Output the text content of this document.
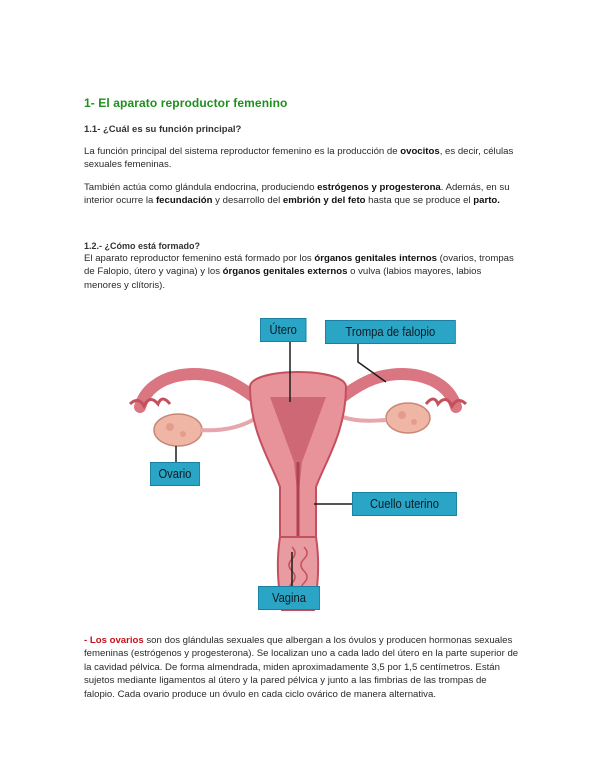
1- El aparato reproductor femenino
1.1- ¿Cuál es su función principal?
La función principal del sistema reproductor femenino es la producción de ovocitos, es decir, células sexuales femeninas.
También actúa como glándula endocrina, produciendo estrógenos y progesterona. Además, en su interior ocurre la fecundación y desarrollo del embrión y del feto hasta que se produce el parto.
1.2.- ¿Cómo está formado?
El aparato reproductor femenino está formado por los órganos genitales internos (ovarios, trompas de Falopio, útero y vagina) y los órganos genitales externos o vulva (labios mayores, labios menores y clítoris).
Útero	Trompa de falopio
Ovario
Cuello uterino
Vagina
- Los ovarios son dos glándulas sexuales que albergan a los óvulos y producen hormonas sexuales femeninas (estrógenos y progesterona). Se localizan uno a cada lado del útero en la parte superior de la cavidad pélvica. De forma almendrada, miden aproximadamente 3,5 por 1,5 centímetros. Están sujetos mediante ligamentos al útero y la pared pélvica y junto a las fimbrias de las trompas de falopio. Cada ovario produce un óvulo en cada ciclo ovárico de manera alternativa.
